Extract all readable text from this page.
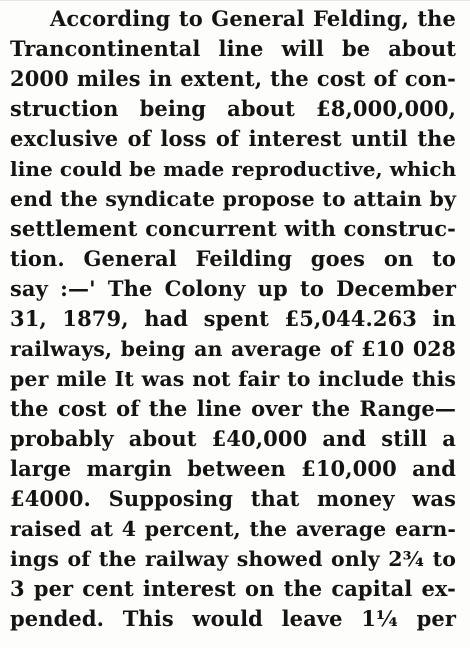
According to General Felding, the
Trancontinental line will be about
2000 miles in extent, the cost of con-
struction being about £8,000,000,
exclusive of loss of interest until the
line could be made reproductive, which
end the syndicate propose to attain by
settlement concurrent with construc-
tion. General Feilding goes on to
say :—' The Colony up to December
31, 1879, had spent £5,044.263 in
railways, being an average of £10 028
per mile It was not fair to include this
the cost of the line over the Range—
probably about £40,000 and still a
large margin between £10,000 and
£4000. Supposing that money was
raised at 4 percent, the average earn-
ings of the railway showed only 2¾ to
3 per cent interest on the capital ex-
pended. This would leave 1¼ per
